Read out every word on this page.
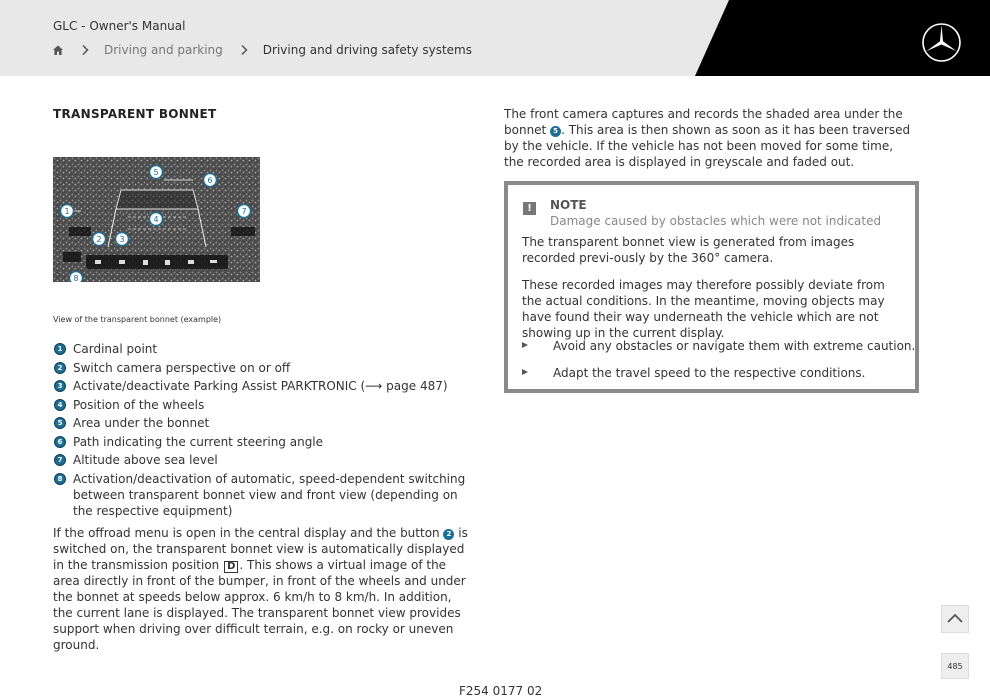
GLC - Owner's Manual
Driving and parking	Driving and driving safety systems
TRANSPARENT BONNET
5
6
1	7
4
2 3
8
View of the transparent bonnet (example)
1 Cardinal point
2 Switch camera perspective on or off
3 Activate/deactivate Parking Assist PARKTRONIC (⟶ page 487)
4 Position of the wheels
5 Area under the bonnet
6 Path indicating the current steering angle
7 Altitude above sea level
8 Activation/deactivation of automatic, speed-dependent switching between transparent bonnet view and front view (depending on the respective equipment)
If the offroad menu is open in the central display and the button 2 is switched on, the transparent bonnet view is automatically displayed in the transmission position D . This shows a virtual image of the area directly in front of the bumper, in front of the wheels and under the bonnet at speeds below approx. 6 km/h to 8 km/h. In addition, the current lane is displayed. The transparent bonnet view provides support when driving over difficult terrain, e.g. on rocky or uneven ground.
The front camera captures and records the shaded area under the bonnet 5 . This area is then shown as soon as it has been traversed by the vehicle. If the vehicle has not been moved for some time, the recorded area is displayed in greyscale and faded out.
!	NOTE
Damage caused by obstacles which were not indicated
The transparent bonnet view is generated from images recorded previ-ously by the 360° camera.
These recorded images may therefore possibly deviate from the actual conditions. In the meantime, moving objects may have found their way underneath the vehicle which are not showing up in the current display.
Avoid any obstacles or navigate them with extreme caution.
Adapt the travel speed to the respective conditions.
485
F254 0177 02
